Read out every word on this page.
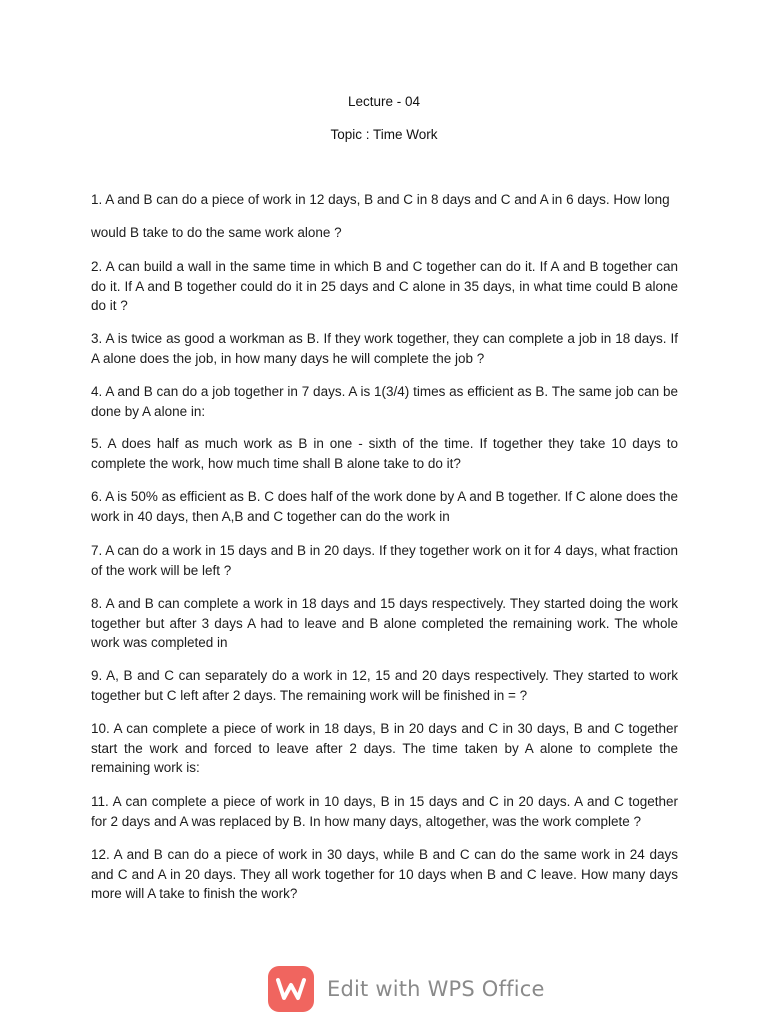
Lecture - 04
Topic : Time Work
1. A and B can do a piece of work in 12 days, B and C in 8 days and C and A in 6 days. How long
would B take to do the same work alone ?
2. A can build a wall in the same time in which B and C together can do it. If A and B together can do it. If A and B together could do it in 25 days and C alone in 35 days, in what time could B alone do it ?
3. A is twice as good a workman as B. If they work together, they can complete a job in 18 days. If A alone does the job, in how many days he will complete the job ?
4. A and B can do a job together in 7 days. A is 1(3/4) times as efficient as B. The same job can be done by A alone in:
5. A does half as much work as B in one - sixth of the time. If together they take 10 days to complete the work, how much time shall B alone take to do it?
6. A is 50% as efficient as B. C does half of the work done by A and B together. If C alone does the work in 40 days, then A,B and C together can do the work in
7. A can do a work in 15 days and B in 20 days. If they together work on it for 4 days, what fraction of the work will be left ?
8. A and B can complete a work in 18 days and 15 days respectively. They started doing the work together but after 3 days A had to leave and B alone completed the remaining work. The whole work was completed in
9. A, B and C can separately do a work in 12, 15 and 20 days respectively. They started to work together but C left after 2 days. The remaining work will be finished in = ?
10. A can complete a piece of work in 18 days, B in 20 days and C in 30 days, B and C together start the work and forced to leave after 2 days. The time taken by A alone to complete the remaining work is:
11. A can complete a piece of work in 10 days, B in 15 days and C in 20 days. A and C together for 2 days and A was replaced by B. In how many days, altogether, was the work complete ?
12. A and B can do a piece of work in 30 days, while B and C can do the same work in 24 days and C and A in 20 days. They all work together for 10 days when B and C leave. How many days more will A take to finish the work?
Edit with WPS Office
